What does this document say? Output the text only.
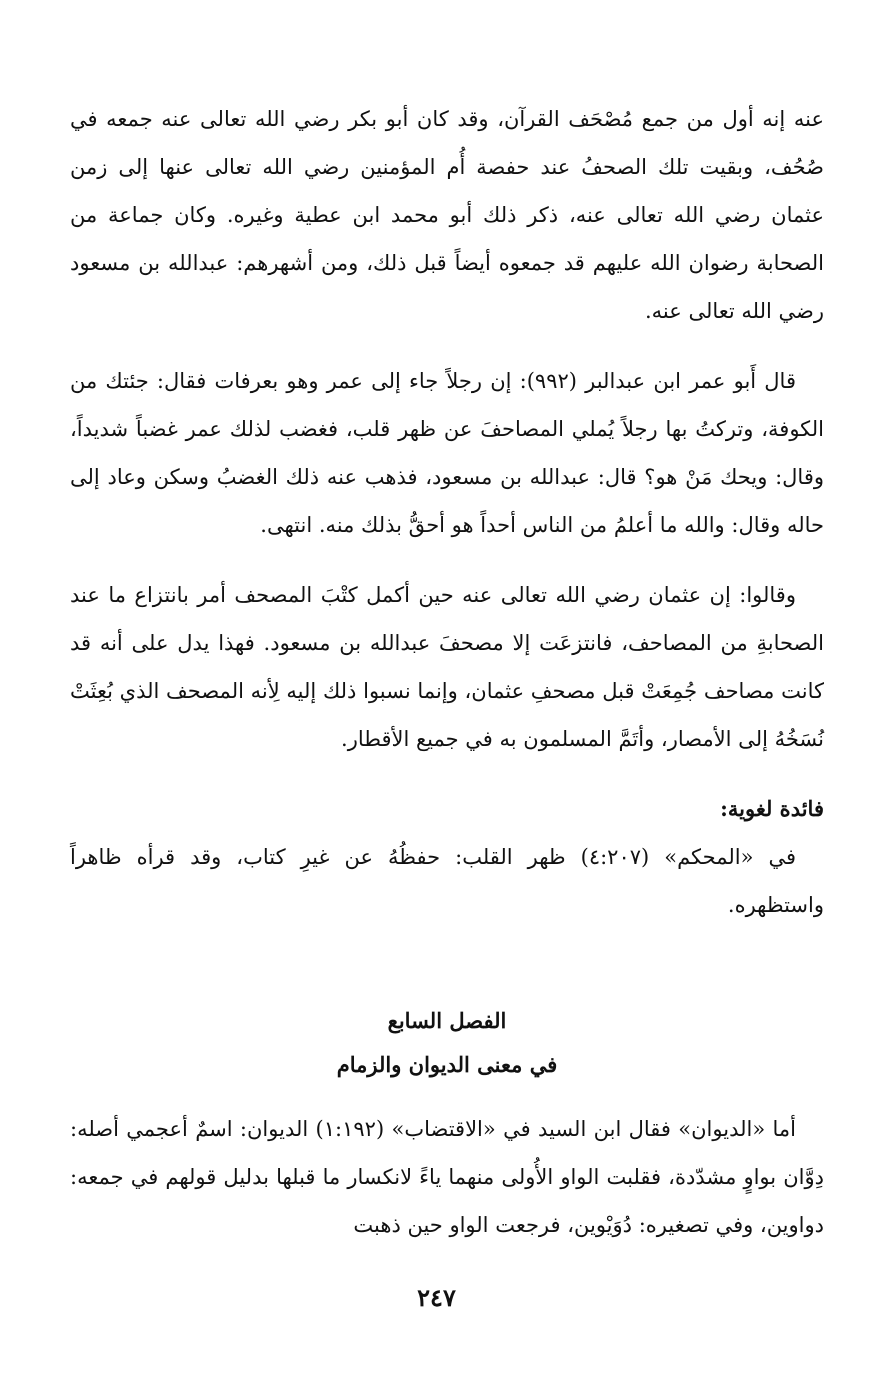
عنه إنه أول من جمع مُصْحَف القرآن، وقد كان أبو بكر رضي الله تعالى عنه جمعه في صُحُف، وبقيت تلك الصحفُ عند حفصة أُم المؤمنين رضي الله تعالى عنها إلى زمن عثمان رضي الله تعالى عنه، ذكر ذلك أبو محمد ابن عطية وغيره. وكان جماعة من الصحابة رضوان الله عليهم قد جمعوه أيضاً قبل ذلك، ومن أشهرهم: عبدالله بن مسعود رضي الله تعالى عنه.

قال أَبو عمر ابن عبدالبر (٩٩٢): إن رجلاً جاء إلى عمر وهو بعرفات فقال: جئتك من الكوفة، وتركتُ بها رجلاً يُملي المصاحفَ عن ظهر قلب، فغضب لذلك عمر غضباً شديداً، وقال: ويحك مَنْ هو؟ قال: عبدالله بن مسعود، فذهب عنه ذلك الغضبُ وسكن وعاد إلى حاله وقال: والله ما أعلمُ من الناس أحداً هو أحقُّ بذلك منه. انتهى.

وقالوا: إن عثمان رضي الله تعالى عنه حين أكمل كتْبَ المصحف أمر بانتزاع ما عند الصحابةِ من المصاحف، فانتزعَت إلا مصحفَ عبدالله بن مسعود. فهذا يدل على أنه قد كانت مصاحف جُمِعَتْ قبل مصحفِ عثمان، وإنما نسبوا ذلك إليه لِأنه المصحف الذي بُعِثَتْ نُسَخُهُ إلى الأمصار، وأتَمَّ المسلمون به في جميع الأقطار.

فائدة لغوية:

في «المحكم» (٤:٢٠٧) ظهر القلب: حفظُهُ عن غيرِ كتاب، وقد قرأه ظاهراً واستظهره.

الفصل السابع

في معنى الديوان والزمام

أما «الديوان» فقال ابن السيد في «الاقتضاب» (١:١٩٢) الديوان: اسمٌ أعجمي أصله: دِوَّان بواوٍ مشدّدة، فقلبت الواو الأُولى منهما ياءً لانكسار ما قبلها بدليل قولهم في جمعه: دواوين، وفي تصغيره: دُوَيْوين، فرجعت الواو حين ذهبت

٢٤٧
